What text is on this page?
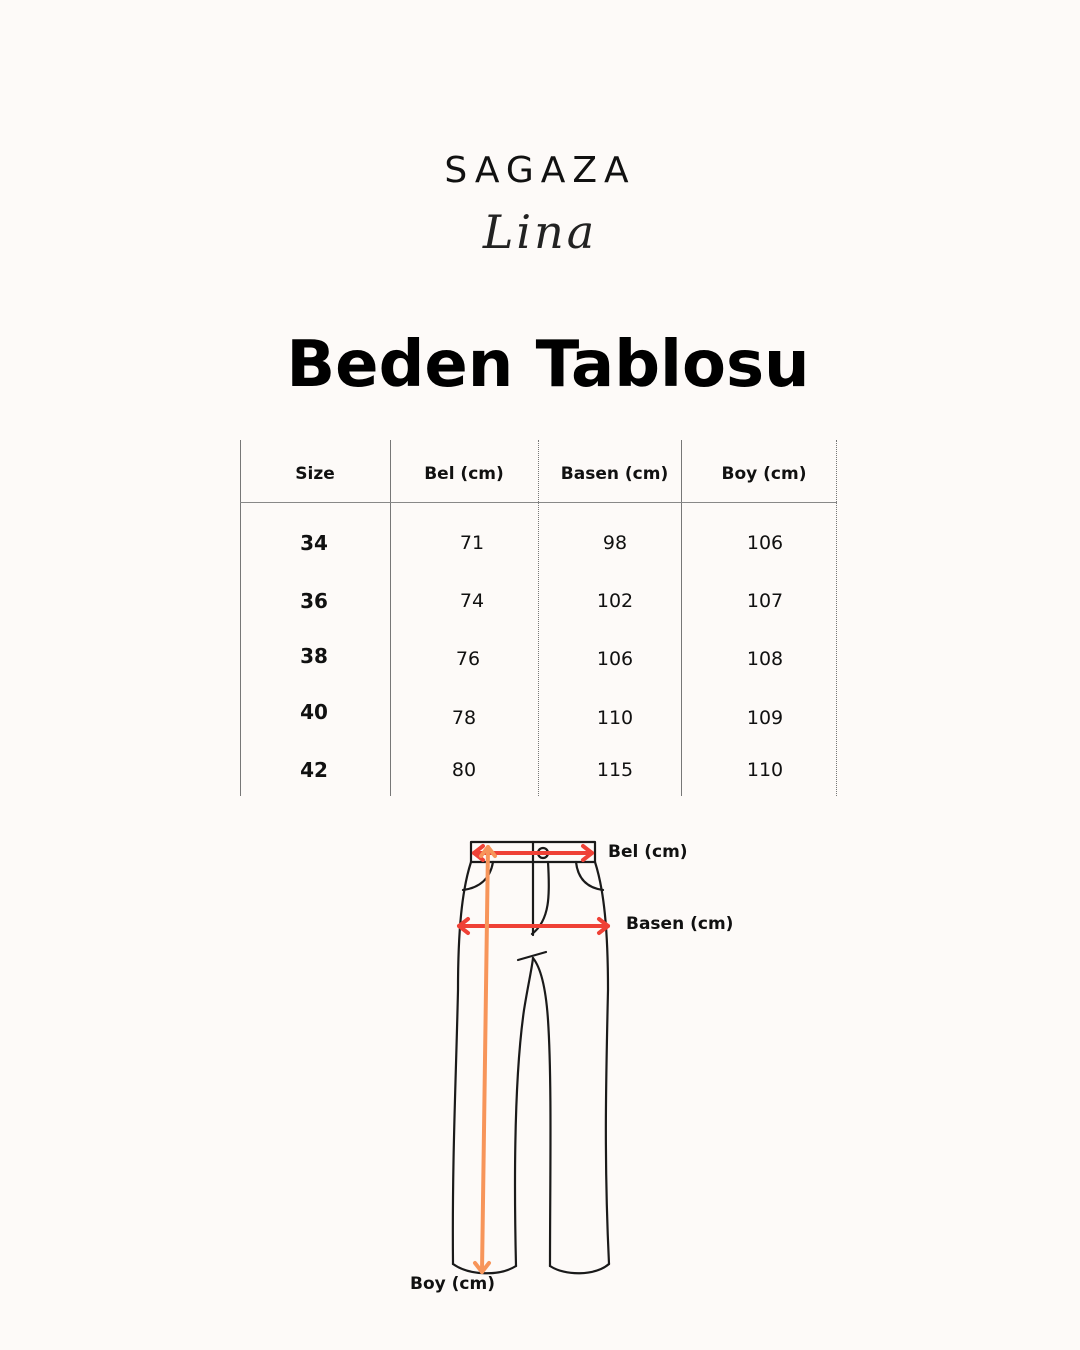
SAGAZA
Lina
Beden Tablosu
Size	Bel (cm)	Basen (cm)	Boy (cm)
34	71	98	106
36	74	102	107
38	76	106	108
40	78	110	109
42	80	115	110
Bel (cm)
Basen (cm)
Boy (cm)
